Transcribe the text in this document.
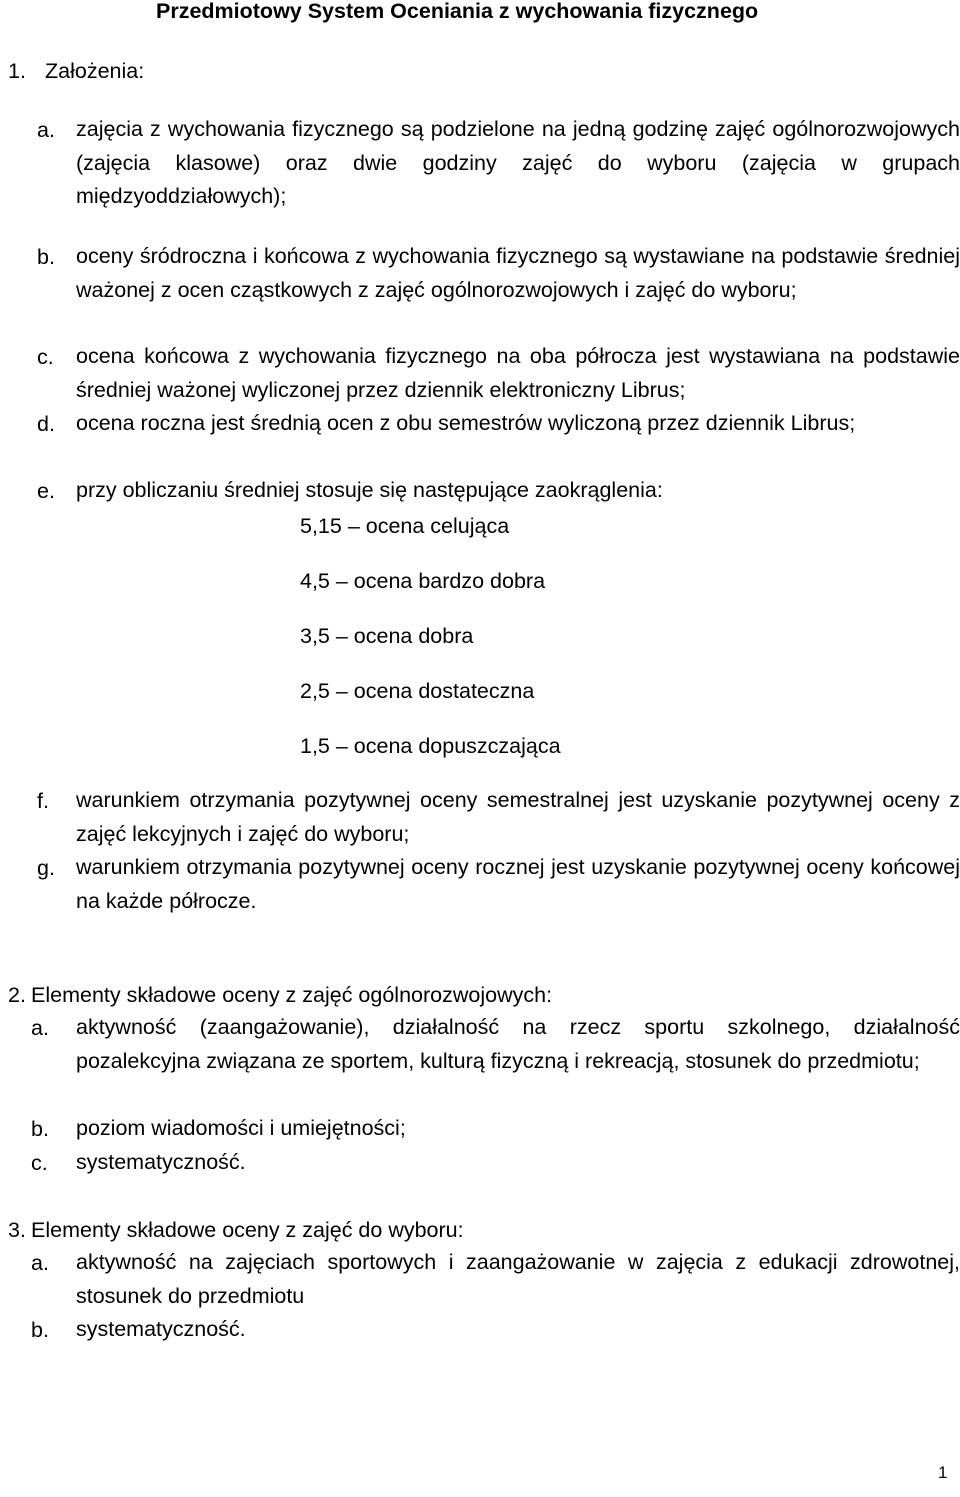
Przedmiotowy System Oceniania z wychowania fizycznego
1. Założenia:
a. zajęcia z wychowania fizycznego są podzielone na jedną godzinę zajęć ogólnorozwojowych (zajęcia klasowe) oraz dwie godziny zajęć do wyboru (zajęcia w grupach międzyoddziałowych);
b. oceny śródroczna i końcowa z wychowania fizycznego są wystawiane na podstawie średniej ważonej z ocen cząstkowych z zajęć ogólnorozwojowych i zajęć do wyboru;
c. ocena końcowa z wychowania fizycznego na oba półrocza jest wystawiana na podstawie średniej ważonej wyliczonej przez dziennik elektroniczny Librus;
d. ocena roczna jest średnią ocen z obu semestrów wyliczoną przez dziennik Librus;
e. przy obliczaniu średniej stosuje się następujące zaokrąglenia:
5,15 – ocena celująca
4,5 – ocena bardzo dobra
3,5 – ocena dobra
2,5 – ocena dostateczna
1,5 – ocena dopuszczająca
f. warunkiem otrzymania pozytywnej oceny semestralnej jest uzyskanie pozytywnej oceny z zajęć lekcyjnych i zajęć do wyboru;
g. warunkiem otrzymania pozytywnej oceny rocznej jest uzyskanie pozytywnej oceny końcowej na każde półrocze.
2. Elementy składowe oceny z zajęć ogólnorozwojowych:
a. aktywność (zaangażowanie), działalność na rzecz sportu szkolnego, działalność pozalekcyjna związana ze sportem, kulturą fizyczną i rekreacją, stosunek do przedmiotu;
b. poziom wiadomości i umiejętności;
c. systematyczność.
3. Elementy składowe oceny z zajęć do wyboru:
a. aktywność na zajęciach sportowych i zaangażowanie w zajęcia z edukacji zdrowotnej, stosunek do przedmiotu
b. systematyczność.
1
